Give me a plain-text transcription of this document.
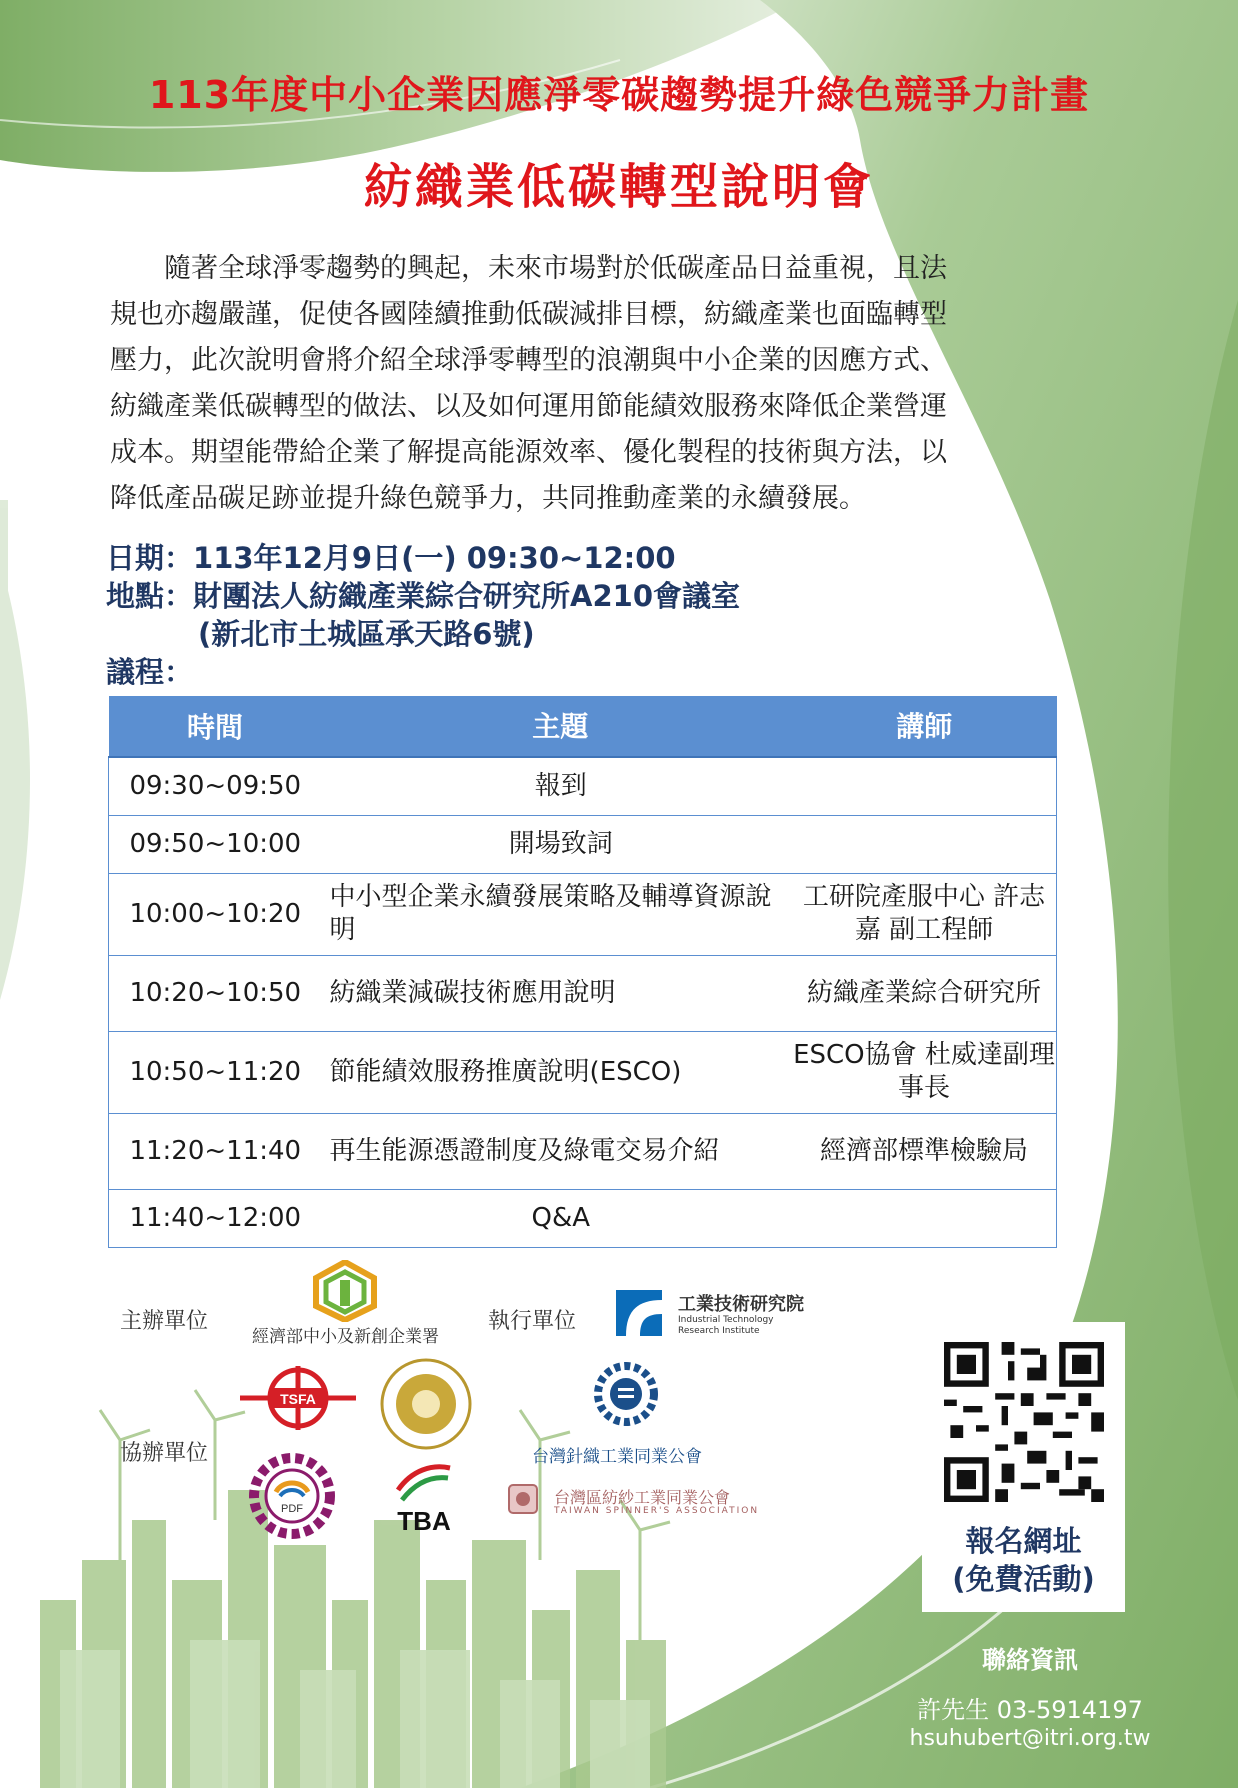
113年度中小企業因應淨零碳趨勢提升綠色競爭力計畫
紡織業低碳轉型說明會
　　隨著全球淨零趨勢的興起，未來市場對於低碳產品日益重視，且法
規也亦趨嚴謹，促使各國陸續推動低碳減排目標，紡織產業也面臨轉型
壓力，此次說明會將介紹全球淨零轉型的浪潮與中小企業的因應方式、
紡織產業低碳轉型的做法、以及如何運用節能績效服務來降低企業營運
成本。期望能帶給企業了解提高能源效率、優化製程的技術與方法，以
降低產品碳足跡並提升綠色競爭力，共同推動產業的永續發展。
日期：113年12月9日(一) 09:30~12:00
地點：財團法人紡織產業綜合研究所A210會議室
(新北市土城區承天路6號)
議程：
時間	主題	講師
09:30~09:50	報到	
09:50~10:00	開場致詞	
10:00~10:20	中小型企業永續發展策略及輔導資源說明	工研院產服中心 許志嘉 副工程師
10:20~10:50	紡織業減碳技術應用說明	紡織產業綜合研究所
10:50~11:20	節能績效服務推廣說明(ESCO)	ESCO協會 杜威達副理事長
11:20~11:40	再生能源憑證制度及綠電交易介紹	經濟部標準檢驗局
11:40~12:00	Q&A	
主辦單位
經濟部中小及新創企業署
執行單位
工業技術研究院
Industrial Technology
Research Institute
協辦單位
TSFA
台灣針織工業同業公會
PDF	TBA
台灣區紡紗工業同業公會
TAIWAN SPINNER'S ASSOCIATION
報名網址
(免費活動)
聯絡資訊
許先生 03-5914197
hsuhubert@itri.org.tw
